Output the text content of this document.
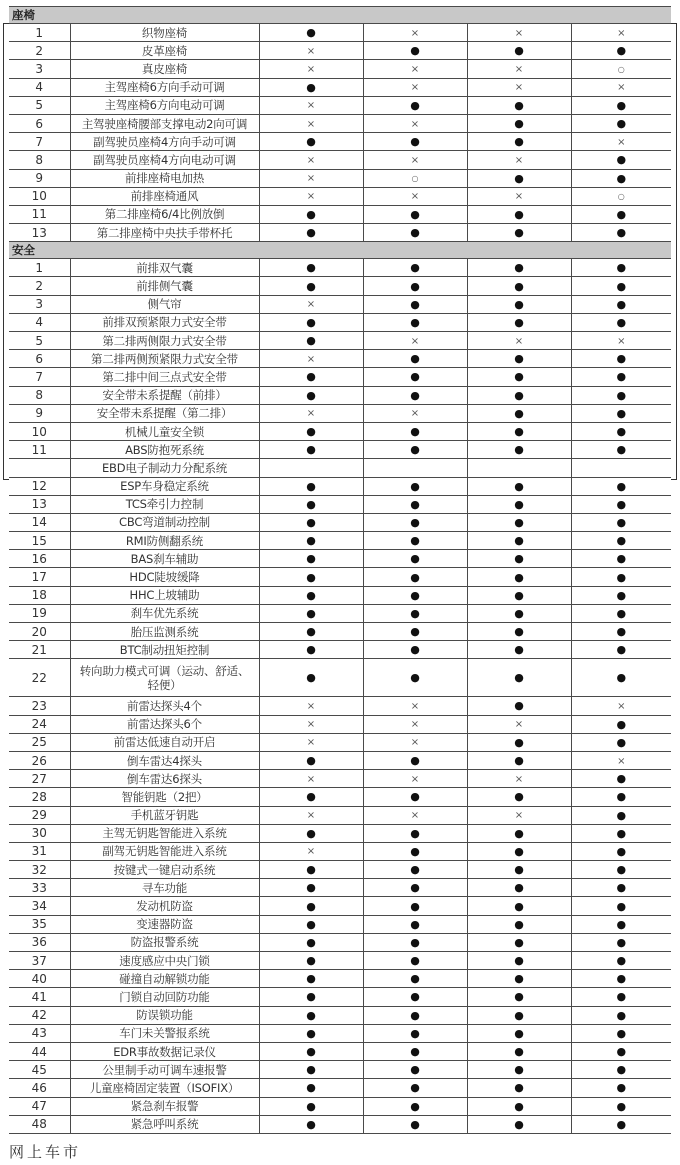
座椅					
1	织物座椅	●	×	×	×
2	皮革座椅	×	●	●	●
3	真皮座椅	×	×	×	○
4	主驾座椅6方向手动可调	●	×	×	×
5	主驾座椅6方向电动可调	×	●	●	●
6	主驾驶座椅腰部支撑电动2向可调	×	×	●	●
7	副驾驶员座椅4方向手动可调	●	●	●	×
8	副驾驶员座椅4方向电动可调	×	×	×	●
9	前排座椅电加热	×	○	●	●
10	前排座椅通风	×	×	×	○
11	第二排座椅6/4比例放倒	●	●	●	●
13	第二排座椅中央扶手带杯托	●	●	●	●
安全					
1	前排双气囊	●	●	●	●
2	前排侧气囊	●	●	●	●
3	侧气帘	×	●	●	●
4	前排双预紧限力式安全带	●	●	●	●
5	第二排两侧限力式安全带	●	×	×	×
6	第二排两侧预紧限力式安全带	×	●	●	●
7	第二排中间三点式安全带	●	●	●	●
8	安全带未系提醒（前排）	●	●	●	●
9	安全带未系提醒（第二排）	×	×	●	●
10	机械儿童安全锁	●	●	●	●
11	ABS防抱死系统	●	●	●	●
	EBD电子制动力分配系统				
12	ESP车身稳定系统	●	●	●	●
13	TCS牵引力控制	●	●	●	●
14	CBC弯道制动控制	●	●	●	●
15	RMI防侧翻系统	●	●	●	●
16	BAS刹车辅助	●	●	●	●
17	HDC陡坡缓降	●	●	●	●
18	HHC上坡辅助	●	●	●	●
19	刹车优先系统	●	●	●	●
20	胎压监测系统	●	●	●	●
21	BTC制动扭矩控制	●	●	●	●
22	转向助力模式可调（运动、舒适、轻便）	●	●	●	●
23	前雷达探头4个	×	×	●	×
24	前雷达探头6个	×	×	×	●
25	前雷达低速自动开启	×	×	●	●
26	倒车雷达4探头	●	●	●	×
27	倒车雷达6探头	×	×	×	●
28	智能钥匙（2把）	●	●	●	●
29	手机蓝牙钥匙	×	×	×	●
30	主驾无钥匙智能进入系统	●	●	●	●
31	副驾无钥匙智能进入系统	×	●	●	●
32	按键式一键启动系统	●	●	●	●
33	寻车功能	●	●	●	●
34	发动机防盗	●	●	●	●
35	变速器防盗	●	●	●	●
36	防盗报警系统	●	●	●	●
37	速度感应中央门锁	●	●	●	●
40	碰撞自动解锁功能	●	●	●	●
41	门锁自动回防功能	●	●	●	●
42	防误锁功能	●	●	●	●
43	车门未关警报系统	●	●	●	●
44	EDR事故数据记录仪	●	●	●	●
45	公里制手动可调车速报警	●	●	●	●
46	儿童座椅固定装置（ISOFIX）	●	●	●	●
47	紧急刹车报警	●	●	●	●
48	紧急呼叫系统	●	●	●	●
网上车市
